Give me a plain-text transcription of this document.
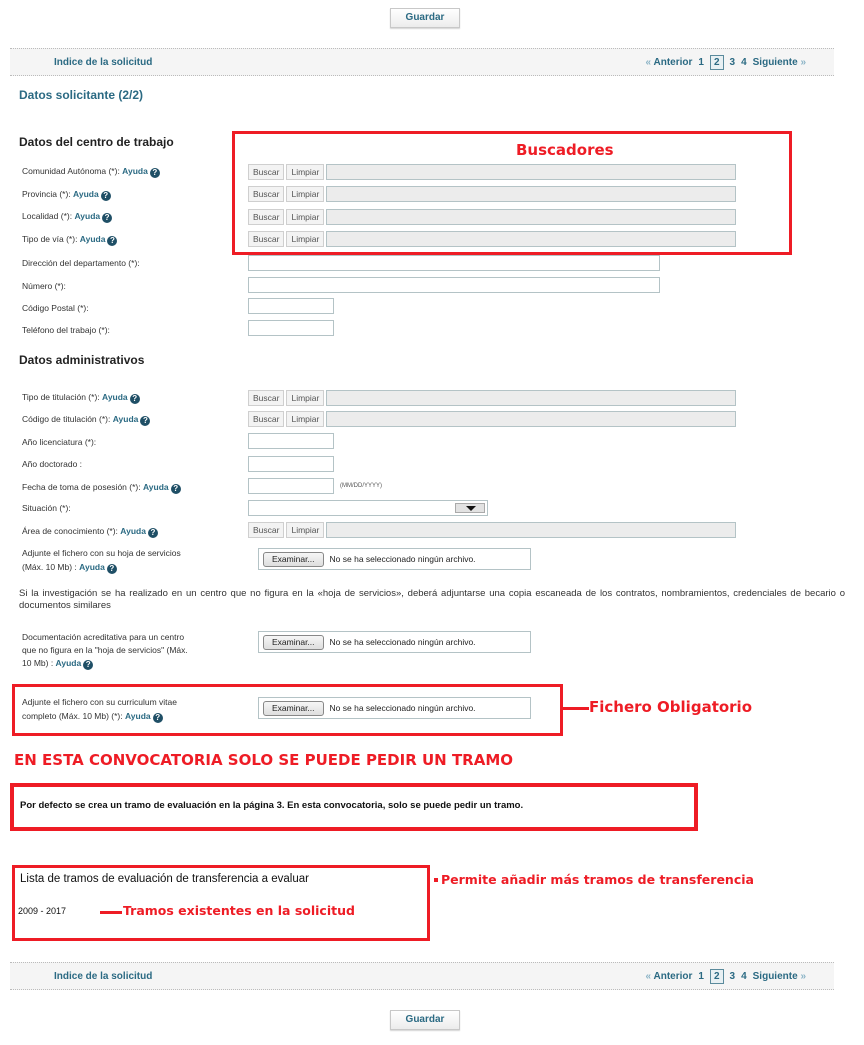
Guardar
Indice de la solicitud	« Anterior 1	2	3 4 Siguiente »
Datos solicitante (2/2)
Datos del centro de trabajo
Comunidad Autónoma (*): Ayuda ?	Buscar	Limpiar
Provincia (*): Ayuda ?	Buscar	Limpiar
Localidad (*): Ayuda ?	Buscar	Limpiar
Tipo de vía (*): Ayuda ?	Buscar	Limpiar
Dirección del departamento (*):
Número (*):
Código Postal (*):
Teléfono del trabajo (*):
Datos administrativos
Tipo de titulación (*): Ayuda ?	Buscar	Limpiar
Código de titulación (*): Ayuda ?	Buscar	Limpiar
Año licenciatura (*):
Año doctorado :
Fecha de toma de posesión (*): Ayuda ?	(MM/DD/YYYY)
Situación (*):
Área de conocimiento (*): Ayuda ?	Buscar	Limpiar
Adjunte el fichero con su hoja de servicios
(Máx. 10 Mb) : Ayuda ?
Examinar...	No se ha seleccionado ningún archivo.
Si la investigación se ha realizado en un centro que no figura en la «hoja de servicios», deberá adjuntarse una copia escaneada de los contratos, nombramientos, credenciales de becario o documentos similares
Documentación acreditativa para un centro
que no figura en la "hoja de servicios" (Máx.
10 Mb) : Ayuda ?
Examinar...	No se ha seleccionado ningún archivo.
Adjunte el fichero con su curriculum vitae
completo (Máx. 10 Mb) (*): Ayuda ?
Examinar...	No se ha seleccionado ningún archivo.
Por defecto se crea un tramo de evaluación en la página 3. En esta convocatoria, solo se puede pedir un tramo.
Lista de tramos de evaluación de transferencia a evaluar
2009 - 2017
Indice de la solicitud	« Anterior 1	2	3 4 Siguiente »
Guardar
Buscadores
Fichero Obligatorio
EN ESTA CONVOCATORIA SOLO SE PUEDE PEDIR UN TRAMO
Permite añadir más tramos de transferencia
Tramos existentes en la solicitud
